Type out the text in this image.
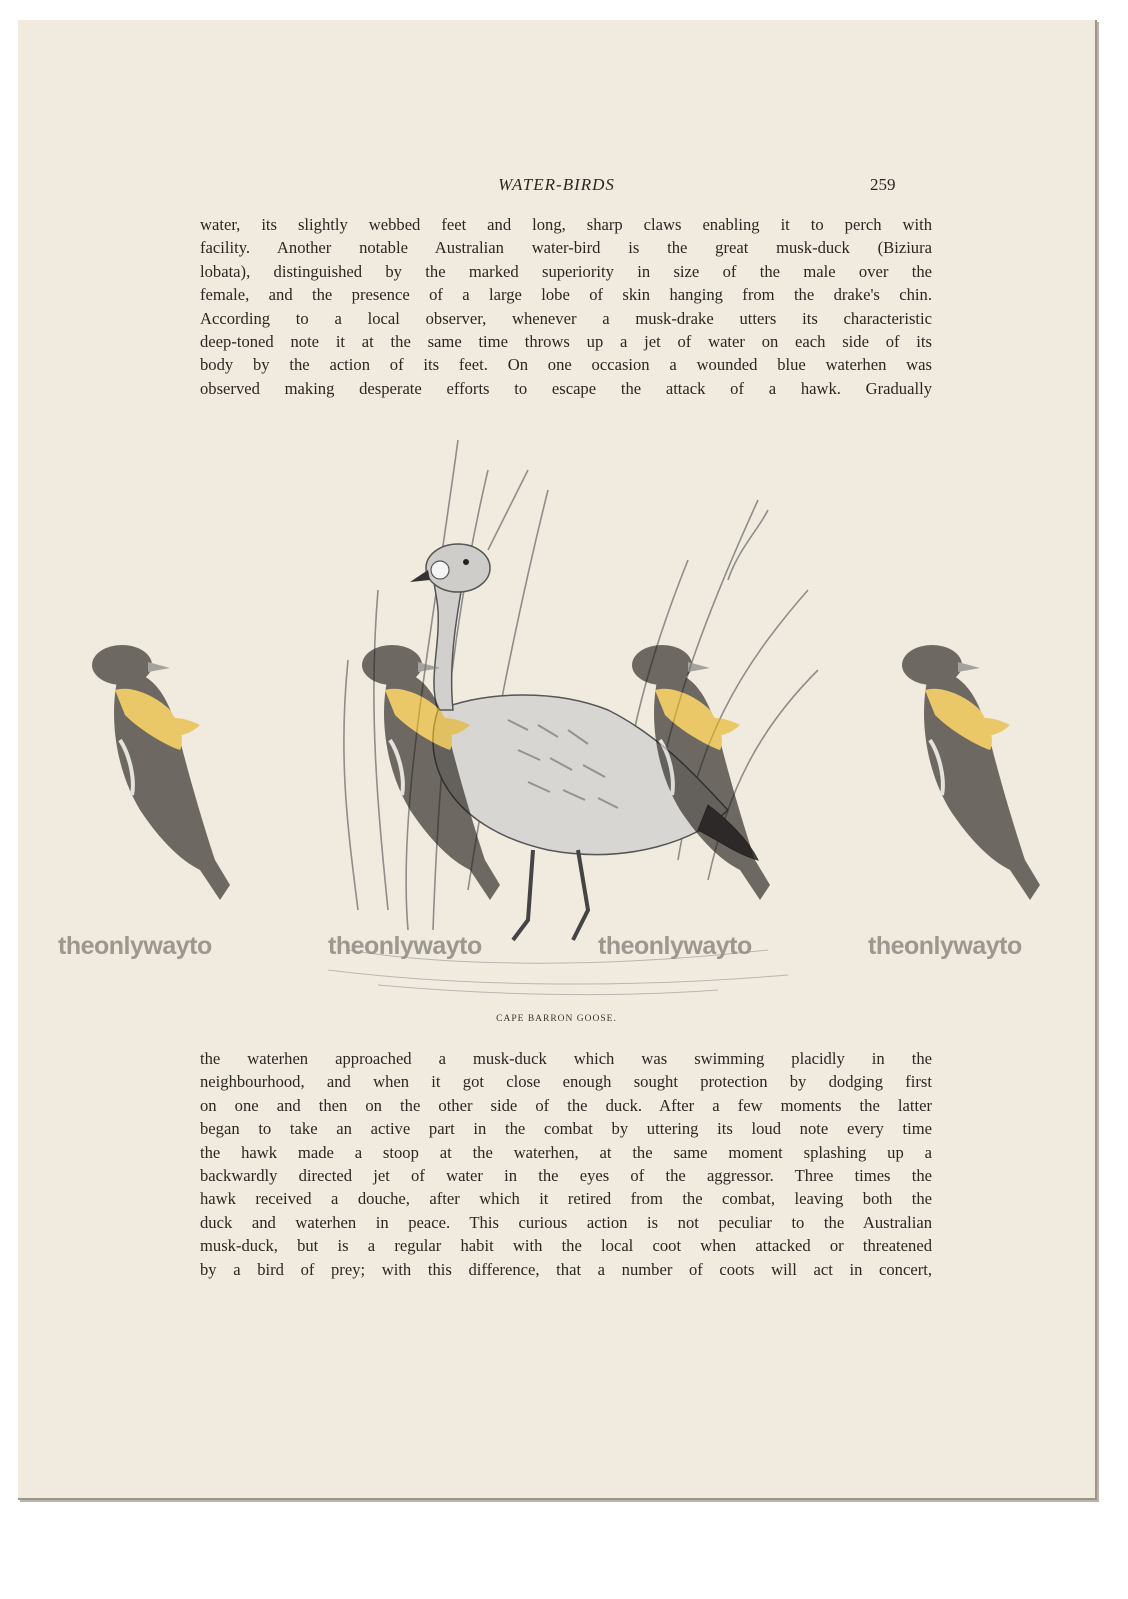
WATER-BIRDS	259
water, its slightly webbed feet and long, sharp claws enabling it to perch with
facility. Another notable Australian water-bird is the great musk-duck (Biziura
lobata), distinguished by the marked superiority in size of the male over the
female, and the presence of a large lobe of skin hanging from the drake's chin.
According to a local observer, whenever a musk-drake utters its characteristic
deep-toned note it at the same time throws up a jet of water on each side of its
body by the action of its feet. On one occasion a wounded blue waterhen was
observed making desperate efforts to escape the attack of a hawk. Gradually
theonlywayto	theonlywayto	theonlywayto	theonlywayto
CAPE BARRON GOOSE.
the waterhen approached a musk-duck which was swimming placidly in the
neighbourhood, and when it got close enough sought protection by dodging first
on one and then on the other side of the duck. After a few moments the latter
began to take an active part in the combat by uttering its loud note every time
the hawk made a stoop at the waterhen, at the same moment splashing up a
backwardly directed jet of water in the eyes of the aggressor. Three times the
hawk received a douche, after which it retired from the combat, leaving both the
duck and waterhen in peace. This curious action is not peculiar to the Australian
musk-duck, but is a regular habit with the local coot when attacked or threatened
by a bird of prey; with this difference, that a number of coots will act in concert,
